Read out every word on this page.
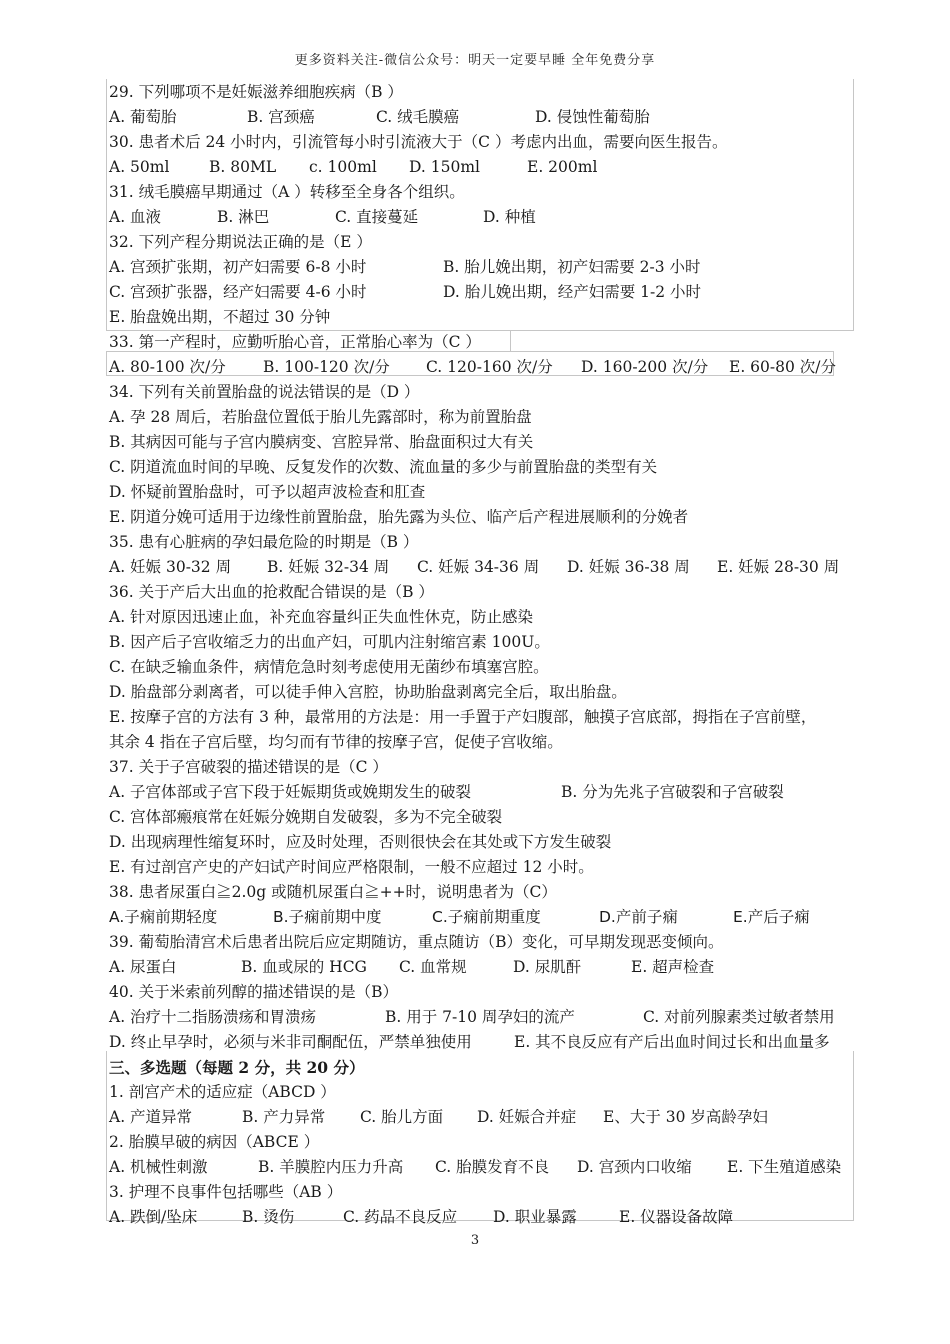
更多资料关注-微信公众号：明天一定要早睡 全年免费分享
29. 下列哪项不是妊娠滋养细胞疾病（B ）
A. 葡萄胎	B. 宫颈癌	C. 绒毛膜癌	D. 侵蚀性葡萄胎
30. 患者术后 24 小时内，引流管每小时引流液大于（C ）考虑内出血，需要向医生报告。
A. 50ml	B. 80ML c. 100ml D. 150ml	E. 200ml
31. 绒毛膜癌早期通过（A ）转移至全身各个组织。
A. 血液	B. 淋巴	C. 直接蔓延	D. 种植
32. 下列产程分期说法正确的是（E ）
A. 宫颈扩张期，初产妇需要 6-8 小时	B. 胎儿娩出期，初产妇需要 2-3 小时
C. 宫颈扩张器，经产妇需要 4-6 小时	D. 胎儿娩出期，经产妇需要 1-2 小时
E. 胎盘娩出期，不超过 30 分钟
33. 第一产程时，应勤听胎心音，正常胎心率为（C ）
A. 80-100 次/分 B. 100-120 次/分 C. 120-160 次/分 D. 160-200 次/分 E. 60-80 次/分
34. 下列有关前置胎盘的说法错误的是（D ）
A. 孕 28 周后，若胎盘位置低于胎儿先露部时，称为前置胎盘
B. 其病因可能与子宫内膜病变、宫腔异常、胎盘面积过大有关
C. 阴道流血时间的早晚、反复发作的次数、流血量的多少与前置胎盘的类型有关
D. 怀疑前置胎盘时，可予以超声波检查和肛查
E. 阴道分娩可适用于边缘性前置胎盘，胎先露为头位、临产后产程进展顺利的分娩者
35. 患有心脏病的孕妇最危险的时期是（B ）
A. 妊娠 30-32 周 B. 妊娠 32-34 周 C. 妊娠 34-36 周 D. 妊娠 36-38 周 E. 妊娠 28-30 周
36. 关于产后大出血的抢救配合错误的是（B ）
A. 针对原因迅速止血，补充血容量纠正失血性休克，防止感染
B. 因产后子宫收缩乏力的出血产妇，可肌内注射缩宫素 100U。
C. 在缺乏输血条件，病情危急时刻考虑使用无菌纱布填塞宫腔。
D. 胎盘部分剥离者，可以徒手伸入宫腔，协助胎盘剥离完全后，取出胎盘。
E. 按摩子宫的方法有 3 种，最常用的方法是：用一手置于产妇腹部，触摸子宫底部，拇指在子宫前壁，
其余 4 指在子宫后壁，均匀而有节律的按摩子宫，促使子宫收缩。
37. 关于子宫破裂的描述错误的是（C ）
A. 子宫体部或子宫下段于妊娠期货或娩期发生的破裂	B. 分为先兆子宫破裂和子宫破裂
C. 宫体部瘢痕常在妊娠分娩期自发破裂，多为不完全破裂
D. 出现病理性缩复环时，应及时处理，否则很快会在其处或下方发生破裂
E. 有过剖宫产史的产妇试产时间应严格限制，一般不应超过 12 小时。
38. 患者尿蛋白≧2.0g 或随机尿蛋白≧++时，说明患者为（C）
A.子痫前期轻度	B.子痫前期中度	C.子痫前期重度	D.产前子痫	E.产后子痫
39. 葡萄胎清宫术后患者出院后应定期随访，重点随访（B）变化，可早期发现恶变倾向。
A. 尿蛋白	B. 血或尿的 HCG C. 血常规	D. 尿肌酐	E. 超声检查
40. 关于米索前列醇的描述错误的是（B）
A. 治疗十二指肠溃疡和胃溃疡	B. 用于 7-10 周孕妇的流产	C. 对前列腺素类过敏者禁用
D. 终止早孕时，必须与米非司酮配伍，严禁单独使用	E. 其不良反应有产后出血时间过长和出血量多
三、多选题（每题 2 分，共 20 分）
1. 剖宫产术的适应症（ABCD ）
A. 产道异常	B. 产力异常 C. 胎儿方面 D. 妊娠合并症 E、大于 30 岁高龄孕妇
2. 胎膜早破的病因（ABCE ）
A. 机械性刺激	B. 羊膜腔内压力升高 C. 胎膜发育不良 D. 宫颈内口收缩 E. 下生殖道感染
3. 护理不良事件包括哪些（AB ）
A. 跌倒/坠床	B. 烫伤	C. 药品不良反应 D. 职业暴露	E. 仪器设备故障
3
